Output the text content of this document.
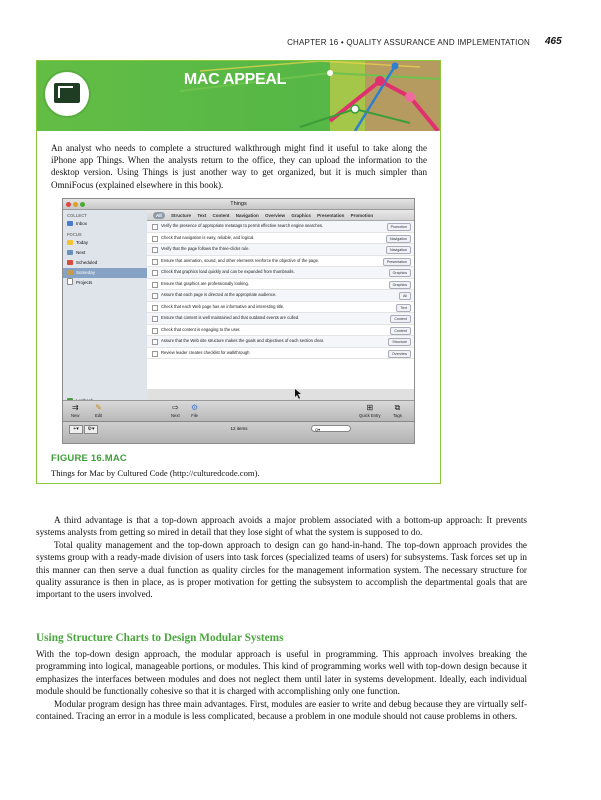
CHAPTER 16 • QUALITY ASSURANCE AND IMPLEMENTATION 465
MAC APPEAL
An analyst who needs to complete a structured walkthrough might find it useful to take along the iPhone app Things. When the analysts return to the office, they can upload the information to the desktop version. Using Things is just another way to get organized, but it is much simpler than OmniFocus (explained elsewhere in this book).
Things
COLLECT
Inbox
FOCUS
Today
Next
Scheduled
Someday
Projects
All Structure Text Content Navigation Overview Graphics Presentation Promotion
Verify the presence of appropriate metatags to permit effective search engine searches.	Promotion
Check that navigation is easy, reliable, and logical.	Navigation
Verify that the page follows the three-clicks rule.	Navigation
Ensure that animation, sound, and other elements reinforce the objective of the page.	Presentation
Check that graphics load quickly and can be expanded from thumbnails.	Graphics
Ensure that graphics are professionally looking.	Graphics
Assure that each page is directed at the appropriate audience.	All
Check that each Web page has an informative and interesting title.	Text
Ensure that content is well maintained and that outdated events are culled.	Content
Check that content is engaging to the user.	Content
Assure that the Web site structure makes the goals and objectives of each section clear.	Structure
Review leader creates checklist for walkthrough	Overview
⇉
New
✎
Edit
⇨
Next
⚙
File
⊞
Quick Entry
⧉
Tags
+▾ ⚙▾	12 items	Q▾
FIGURE 16.MAC
Things for Mac by Cultured Code (http://culturedcode.com).

A third advantage is that a top-down approach avoids a major problem associated with a bottom-up approach: It prevents systems analysts from getting so mired in detail that they lose sight of what the system is supposed to do.

Total quality management and the top-down approach to design can go hand-in-hand. The top-down approach provides the systems group with a ready-made division of users into task forces (specialized teams of users) for subsystems. Task forces set up in this manner can then serve a dual function as quality circles for the management information system. The necessary structure for quality assurance is then in place, as is proper motivation for getting the subsystem to accomplish the departmental goals that are important to the users involved.

Using Structure Charts to Design Modular Systems

With the top-down design approach, the modular approach is useful in programming. This approach involves breaking the programming into logical, manageable portions, or modules. This kind of programming works well with top-down design because it emphasizes the interfaces between modules and does not neglect them until later in systems development. Ideally, each individual module should be functionally cohesive so that it is charged with accomplishing only one function.

Modular program design has three main advantages. First, modules are easier to write and debug because they are virtually self-contained. Tracing an error in a module is less complicated, because a problem in one module should not cause problems in others.
